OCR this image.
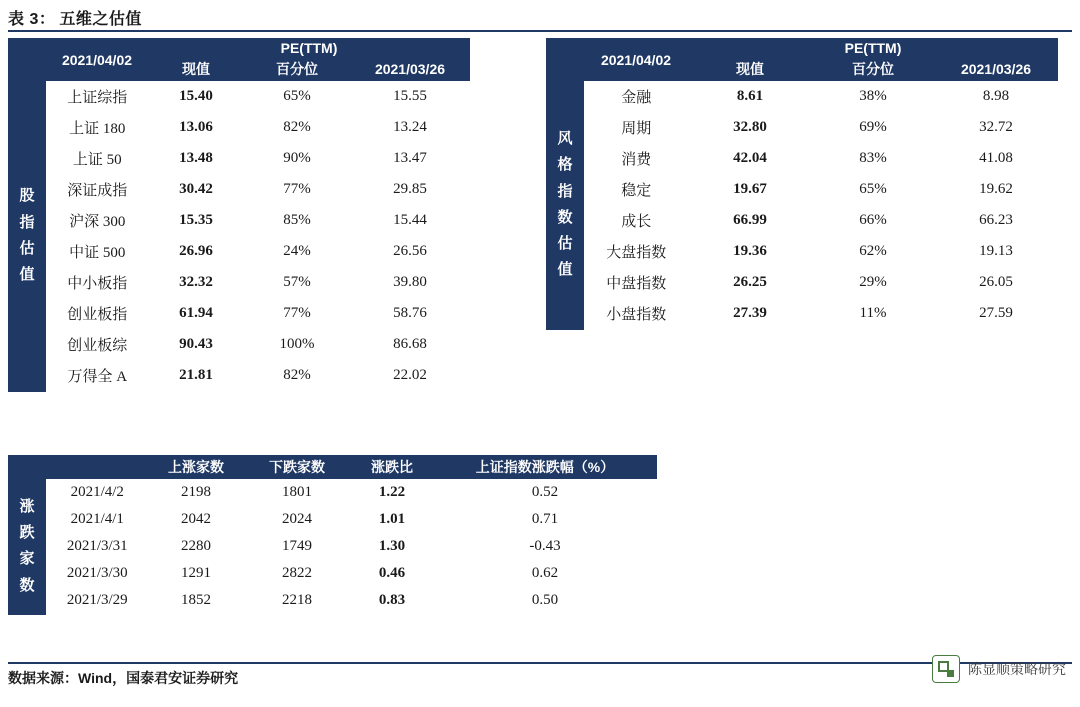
表 3： 五维之估值
	2021/04/02	PE(TTM)		
		现值	百分位	2021/03/26
股
指
估
值	上证综指	15.40	65%	15.55
	上证 180	13.06	82%	13.24
	上证 50	13.48	90%	13.47
	深证成指	30.42	77%	29.85
	沪深 300	15.35	85%	15.44
	中证 500	26.96	24%	26.56
	中小板指	32.32	57%	39.80
	创业板指	61.94	77%	58.76
	创业板综	90.43	100%	86.68
	万得全 A	21.81	82%	22.02
	2021/04/02	PE(TTM)		
		现值	百分位	2021/03/26
风
格
指
数
估
值	金融	8.61	38%	8.98
	周期	32.80	69%	32.72
	消费	42.04	83%	41.08
	稳定	19.67	65%	19.62
	成长	66.99	66%	66.23
	大盘指数	19.36	62%	19.13
	中盘指数	26.25	29%	26.05
	小盘指数	27.39	11%	27.59
		上涨家数	下跌家数	涨跌比	上证指数涨跌幅（%）
涨
跌
家
数	2021/4/2	2198	1801	1.22	0.52
	2021/4/1	2042	2024	1.01	0.71
	2021/3/31	2280	1749	1.30	-0.43
	2021/3/30	1291	2822	0.46	0.62
	2021/3/29	1852	2218	0.83	0.50
数据来源：Wind，国泰君安证券研究
陈显顺策略研究
